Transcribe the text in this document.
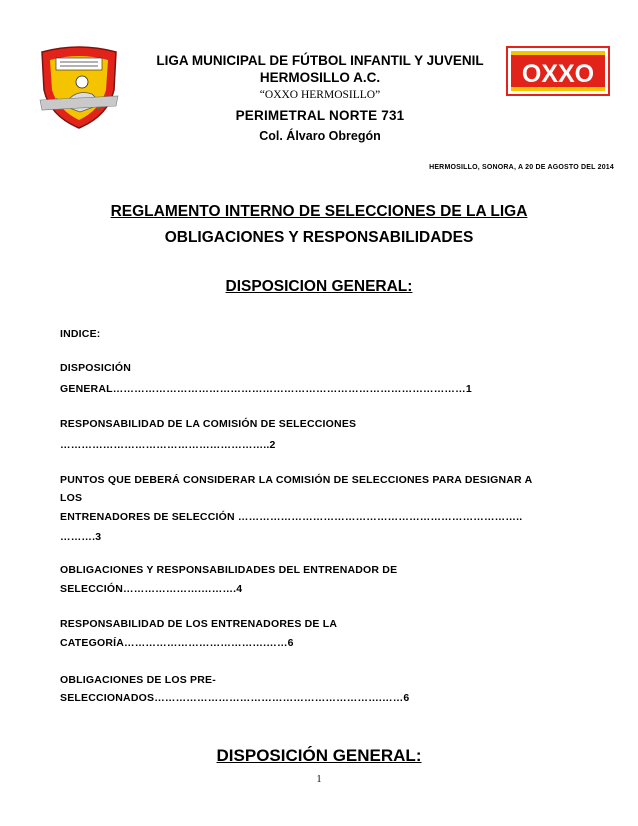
OXXO
LIGA MUNICIPAL DE FÚTBOL INFANTIL Y JUVENIL
HERMOSILLO A.C.
“OXXO HERMOSILLO”
PERIMETRAL NORTE 731
Col. Álvaro Obregón
HERMOSILLO, SONORA, A 20 DE AGOSTO DEL 2014
REGLAMENTO INTERNO DE SELECCIONES DE LA LIGA
OBLIGACIONES Y RESPONSABILIDADES
DISPOSICION GENERAL:
INDICE:
DISPOSICIÓN
GENERAL………………………………………………………………………………………1
RESPONSABILIDAD DE LA COMISIÓN DE SELECCIONES
…………………………………………………..2
PUNTOS QUE DEBERÁ CONSIDERAR LA COMISIÓN DE SELECCIONES PARA DESIGNAR A
LOS
ENTRENADORES DE SELECCIÓN ……………………………………………………………………..
……….3
OBLIGACIONES Y RESPONSABILIDADES DEL ENTRENADOR DE
SELECCIÓN………………….……….4
RESPONSABILIDAD DE LOS ENTRENADORES DE LA
CATEGORÍA………………………………….……6
OBLIGACIONES DE LOS PRE-
SELECCIONADOS……………………………………………………….……6
DISPOSICIÓN GENERAL:
1
